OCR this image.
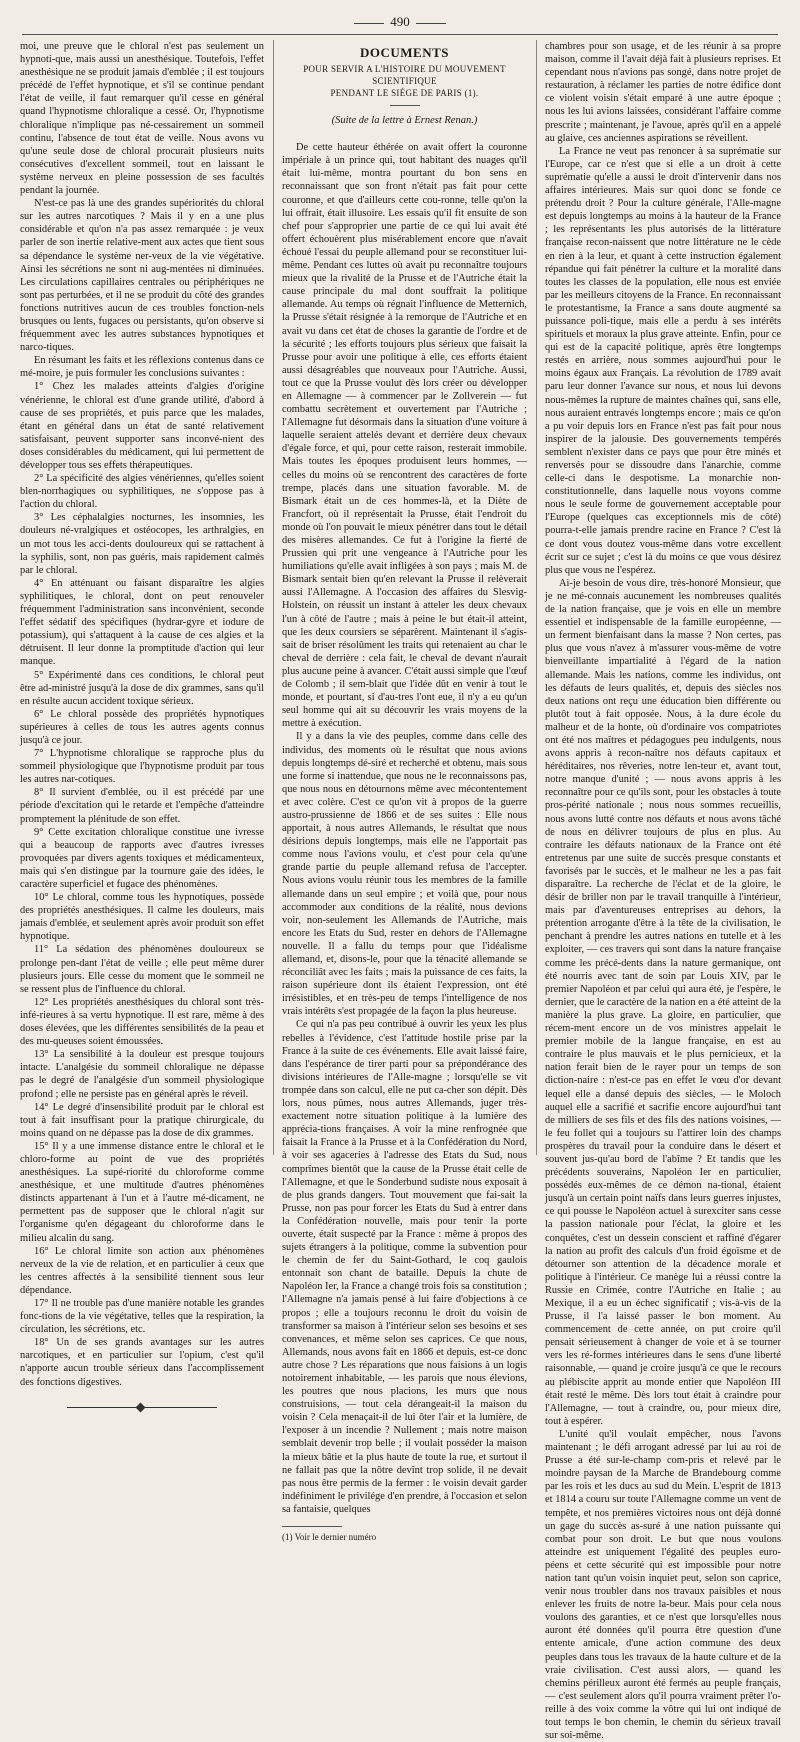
490

moi, une preuve que le chloral n'est pas seulement un hypnoti-que, mais aussi un anesthésique. Toutefois, l'effet anesthésique ne se produit jamais d'emblée ; il est toujours précédé de l'effet hypnotique, et s'il se continue pendant l'état de veille, il faut remarquer qu'il cesse en général quand l'hypnotisme chloralique a cessé. Or, l'hypnotisme chloralique n'implique pas né-cessairement un sommeil continu, l'absence de tout état de veille. Nous avons vu qu'une seule dose de chloral procurait plusieurs nuits consécutives d'excellent sommeil, tout en laissant le système nerveux en pleine possession de ses facultés pendant la journée.

N'est-ce pas là une des grandes supériorités du chloral sur les autres narcotiques ? Mais il y en a une plus considérable et qu'on n'a pas assez remarquée : je veux parler de son inertie relative-ment aux actes que tient sous sa dépendance le système ner-veux de la vie végétative. Ainsi les sécrétions ne sont ni aug-mentées ni diminuées. Les circulations capillaires centrales ou périphériques ne sont pas perturbées, et il ne se produit du côté des grandes fonctions nutritives aucun de ces troubles fonction-nels brusques ou lents, fugaces ou persistants, qu'on observe si fréquemment avec les autres substances hypnotiques et narco-tiques.

En résumant les faits et les réflexions contenus dans ce mé-moire, je puis formuler les conclusions suivantes :

1° Chez les malades atteints d'algies d'origine vénérienne, le chloral est d'une grande utilité, d'abord à cause de ses propriétés, et puis parce que les malades, étant en général dans un état de santé relativement satisfaisant, peuvent supporter sans inconvé-nient des doses considérables du médicament, qui lui permettent de développer tous ses effets thérapeutiques.

2° La spécificité des algies vénériennes, qu'elles soient blen-norrhagiques ou syphilitiques, ne s'oppose pas à l'action du chloral.

3° Les céphalalgies nocturnes, les insomnies, les douleurs né-vralgiques et ostéocopes, les arthralgies, en un mot tous les acci-dents douloureux qui se rattachent à la syphilis, sont, non pas guéris, mais rapidement calmés par le chloral.

4° En atténuant ou faisant disparaître les algies syphilitiques, le chloral, dont on peut renouveler fréquemment l'administration sans inconvénient, seconde l'effet sédatif des spécifiques (hydrar-gyre et iodure de potassium), qui s'attaquent à la cause de ces algies et la détruisent. Il leur donne la promptitude d'action qui leur manque.

5° Expérimenté dans ces conditions, le chloral peut être ad-ministré jusqu'à la dose de dix grammes, sans qu'il en résulte aucun accident toxique sérieux.

6° Le chloral possède des propriétés hypnotiques supérieures à celles de tous les autres agents connus jusqu'à ce jour.

7° L'hypnotisme chloralique se rapproche plus du sommeil physiologique que l'hypnotisme produit par tous les autres nar-cotiques.

8° Il survient d'emblée, ou il est précédé par une période d'excitation qui le retarde et l'empêche d'atteindre promptement la plénitude de son effet.

9° Cette excitation chloralique constitue une ivresse qui a beaucoup de rapports avec d'autres ivresses provoquées par divers agents toxiques et médicamenteux, mais qui s'en distingue par la tournure gaie des idées, le caractère superficiel et fugace des phénomènes.

10° Le chloral, comme tous les hypnotiques, possède des propriétés anesthésiques. Il calme les douleurs, mais jamais d'emblée, et seulement après avoir produit son effet hypnotique.

11° La sédation des phénomènes douloureux se prolonge pen-dant l'état de veille ; elle peut même durer plusieurs jours. Elle cesse du moment que le sommeil ne se ressent plus de l'influence du chloral.

12° Les propriétés anesthésiques du chloral sont très-infé-rieures à sa vertu hypnotique. Il est rare, même à des doses élevées, que les différentes sensibilités de la peau et des mu-queuses soient émoussées.

13° La sensibilité à la douleur est presque toujours intacte. L'analgésie du sommeil chloralique ne dépasse pas le degré de l'analgésie d'un sommeil physiologique profond ; elle ne persiste pas en général après le réveil.

14° Le degré d'insensibilité produit par le chloral est tout à fait insuffisant pour la pratique chirurgicale, du moins quand on ne dépasse pas la dose de dix grammes.

15° Il y a une immense distance entre le chloral et le chloro-forme au point de vue des propriétés anesthésiques. La supé-riorité du chloroforme comme anesthésique, et une multitude d'autres phénomènes distincts appartenant à l'un et à l'autre mé-dicament, ne permettent pas de supposer que le chloral n'agit sur l'organisme qu'en dégageant du chloroforme dans le milieu alcalin du sang.

16° Le chloral limite son action aux phénomènes nerveux de la vie de relation, et en particulier à ceux que les centres affectés à la sensibilité tiennent sous leur dépendance.

17° Il ne trouble pas d'une manière notable les grandes fonc-tions de la vie végétative, telles que la respiration, la circulation, les sécrétions, etc.

18° Un de ses grands avantages sur les autres narcotiques, et en particulier sur l'opium, c'est qu'il n'apporte aucun trouble sérieux dans l'accomplissement des fonctions digestives.

DOCUMENTS
POUR SERVIR A L'HISTOIRE DU MOUVEMENT SCIENTIFIQUE
PENDANT LE SIÉGE DE PARIS (1).
(Suite de la lettre à Ernest Renan.)

De cette hauteur éthérée on avait offert la couronne impériale à un prince qui, tout habitant des nuages qu'il était lui-même, montra pourtant du bon sens en reconnaissant que son front n'était pas fait pour cette couronne, et que d'ailleurs cette cou-ronne, telle qu'on la lui offrait, était illusoire. Les essais qu'il fit ensuite de son chef pour s'approprier une partie de ce qui lui avait été offert échouèrent plus misérablement encore que n'avait échoué l'essai du peuple allemand pour se reconstituer lui-même. Pendant ces luttes où avait pu reconnaître toujours mieux que la rivalité de la Prusse et de l'Autriche était la cause principale du mal dont souffrait la politique allemande. Au temps où régnait l'influence de Metternich, la Prusse s'était résignée à la remorque de l'Autriche et en avait vu dans cet état de choses la garantie de l'ordre et de la sécurité ; les efforts toujours plus sérieux que faisait la Prusse pour avoir une politique à elle, ces efforts étaient aussi désagréables que nouveaux pour l'Autriche. Aussi, tout ce que la Prusse voulut dès lors créer ou développer en Allemagne — à commencer par le Zollverein — fut combattu secrètement et ouvertement par l'Autriche ; l'Allemagne fut désormais dans la situation d'une voiture à laquelle seraient attelés devant et derrière deux chevaux d'égale force, et qui, pour cette raison, resterait immobile. Mais toutes les époques produisent leurs hommes, — celles du moins où se rencontrent des caractères de forte trempe, placés dans une situation favorable. M. de Bismark était un de ces hommes-là, et la Diète de Francfort, où il représentait la Prusse, était l'endroit du monde où l'on pouvait le mieux pénétrer dans tout le détail des misères allemandes. Ce fut à l'origine la fierté de Prussien qui prit une vengeance à l'Autriche pour les humiliations qu'elle avait infligées à son pays ; mais M. de Bismark sentait bien qu'en relevant la Prusse il relèverait aussi l'Allemagne. A l'occasion des affaires du Slesvig-Holstein, on réussit un instant à atteler les deux chevaux l'un à côté de l'autre ; mais à peine le but était-il atteint, que les deux coursiers se séparèrent. Maintenant il s'agis-sait de briser résolûment les traits qui retenaient au char le cheval de derrière : cela fait, le cheval de devant n'aurait plus aucune peine à avancer. C'était aussi simple que l'œuf de Colomb ; il sem-blait que l'idée dût en venir à tout le monde, et pourtant, si d'au-tres l'ont eue, il n'y a eu qu'un seul homme qui ait su découvrir les vrais moyens de la mettre à exécution.

Il y a dans la vie des peuples, comme dans celle des individus, des moments où le résultat que nous avions depuis longtemps dé-siré et recherché et obtenu, mais sous une forme si inattendue, que nous ne le reconnaissons pas, que nous nous en détournons même avec mécontentement et avec colère. C'est ce qu'on vit à propos de la guerre austro-prussienne de 1866 et de ses suites : Elle nous apportait, à nous autres Allemands, le résultat que nous désirions depuis longtemps, mais elle ne l'apportait pas comme nous l'avions voulu, et c'est pour cela qu'une grande partie du peuple allemand refusa de l'accepter. Nous avions voulu réunir tous les membres de la famille allemande dans un seul empire ; et voilà que, pour nous accommoder aux conditions de la réalité, nous devions voir, non-seulement les Allemands de l'Autriche, mais encore les Etats du Sud, rester en dehors de l'Allemagne nouvelle. Il a fallu du temps pour que l'idéalisme allemand, et, disons-le, pour que la ténacité allemande se réconciliât avec les faits ; mais la puissance de ces faits, la raison supérieure dont ils étaient l'expression, ont été irrésistibles, et en très-peu de temps l'intelligence de nos vrais intérêts s'est propagée de la façon la plus heureuse.

Ce qui n'a pas peu contribué à ouvrir les yeux les plus rebelles à l'évidence, c'est l'attitude hostile prise par la France à la suite de ces événements. Elle avait laissé faire, dans l'espérance de tirer parti pour sa prépondérance des divisions intérieures de l'Alle-magne ; lorsqu'elle se vit trompée dans son calcul, elle ne put ca-cher son dépit. Dès lors, nous pûmes, nous autres Allemands, juger très-exactement notre situation politique à la lumière des apprécia-tions françaises. A voir la mine renfrognée que faisait la France à la Prusse et à la Confédération du Nord, à voir ses agaceries à l'adresse des Etats du Sud, nous comprîmes bientôt que la cause de la Prusse était celle de l'Allemagne, et que le Sonderbund sudiste nous exposait à de plus grands dangers. Tout mouvement que fai-sait la Prusse, non pas pour forcer les Etats du Sud à entrer dans la Confédération nouvelle, mais pour tenir la porte ouverte, était suspecté par la France : même à propos des sujets étrangers à la politique, comme la subvention pour le chemin de fer du Saint-Gothard, le coq gaulois entonnait son chant de bataille. Depuis la chute de Napoléon Ier, la France a changé trois fois sa constitution ; l'Allemagne n'a jamais pensé à lui faire d'objections à ce propos ; elle a toujours reconnu le droit du voisin de transformer sa maison à l'intérieur selon ses besoins et ses convenances, et même selon ses caprices. Ce que nous, Allemands, nous avons fait en 1866 et depuis, est-ce donc autre chose ? Les réparations que nous faisions à un logis notoirement inhabitable, — les parois que nous élevions, les poutres que nous placions, les murs que nous construisions, — tout cela dérangeait-il la maison du voisin ? Cela menaçait-il de lui ôter l'air et la lumière, de l'exposer à un incendie ? Nullement ; mais notre maison semblait devenir trop belle ; il voulait posséder la maison la mieux bâtie et la plus haute de toute la rue, et surtout il ne fallait pas que la nôtre devînt trop solide, il ne devait pas nous être permis de la fermer : le voisin devait garder indéfiniment le privilége d'en prendre, à l'occasion et selon sa fantaisie, quelques

(1) Voir le dernier numéro

chambres pour son usage, et de les réunir à sa propre maison, comme il l'avait déjà fait à plusieurs reprises. Et cependant nous n'avions pas songé, dans notre projet de restauration, à réclamer les parties de notre édifice dont ce violent voisin s'était emparé à une autre époque ; nous les lui avions laissées, considérant l'affaire comme prescrite ; maintenant, je l'avoue, après qu'il en a appelé au glaive, ces anciennes aspirations se réveillent.

La France ne veut pas renoncer à sa suprématie sur l'Europe, car ce n'est que si elle a un droit à cette suprématie qu'elle a aussi le droit d'intervenir dans nos affaires intérieures. Mais sur quoi donc se fonde ce prétendu droit ? Pour la culture générale, l'Alle-magne est depuis longtemps au moins à la hauteur de la France ; les représentants les plus autorisés de la littérature française recon-naissent que notre littérature ne le cède en rien à la leur, et quant à cette instruction également répandue qui fait pénétrer la culture et la moralité dans toutes les classes de la population, elle nous est enviée par les meilleurs citoyens de la France. En reconnaissant le protestantisme, la France a sans doute augmenté sa puissance poli-tique, mais elle a perdu à ses intérêts spirituels et moraux la plus grave atteinte. Enfin, pour ce qui est de la capacité politique, après être longtemps restés en arrière, nous sommes aujourd'hui pour le moins égaux aux Français. La révolution de 1789 avait paru leur donner l'avance sur nous, et nous lui devons nous-mêmes la rupture de maintes chaînes qui, sans elle, nous auraient entravés longtemps encore ; mais ce qu'on a pu voir depuis lors en France n'est pas fait pour nous inspirer de la jalousie. Des gouvernements tempérés semblent n'exister dans ce pays que pour être minés et renversés pour se dissoudre dans l'anarchie, comme celle-ci dans le despotisme. La monarchie non-constitutionnelle, dans laquelle nous voyons comme nous le seule forme de gouvernement acceptable pour l'Europe (quelques cas exceptionnels mis de côté) pourra-t-elle jamais prendre racine en France ? C'est là ce dont vous doutez vous-même dans votre excellent écrit sur ce sujet ; c'est là du moins ce que vous désirez plus que vous ne l'espérez.

Ai-je besoin de vous dire, très-honoré Monsieur, que je ne mé-connais aucunement les nombreuses qualités de la nation française, que je vois en elle un membre essentiel et indispensable de la famille européenne, — un ferment bienfaisant dans la masse ? Non certes, pas plus que vous n'avez à m'assurer vous-même de votre bienveillante impartialité à l'égard de la nation allemande. Mais les nations, comme les individus, ont les défauts de leurs qualités, et, depuis des siècles nos deux nations ont reçu une éducation bien différente ou plutôt tout à fait opposée. Nous, à la dure école du malheur et de la honte, où d'ordinaire vos compatriotes ont été nos maîtres et pédagogues peu indulgents, nous avons appris à recon-naître nos défauts capitaux et héréditaires, nos rêveries, notre len-teur et, avant tout, notre manque d'unité ; — nous avons appris à les reconnaître pour ce qu'ils sont, pour les obstacles à toute pros-périté nationale ; nous nous sommes recueillis, nous avons lutté contre nos défauts et nous avons tâché de nous en délivrer toujours de plus en plus. Au contraire les défauts nationaux de la France ont été entretenus par une suite de succès presque constants et favorisés par le succès, et le malheur ne les a pas fait disparaître. La recherche de l'éclat et de la gloire, le désir de briller non par le travail tranquille à l'intérieur, mais par d'aventureuses entreprises au dehors, la prétention arrogante d'être à la tête de la civilisation, le penchant à prendre les autres nations en tutelle et à les exploiter, — ces travers qui sont dans la nature française comme les précé-dents dans la nature germanique, ont été nourris avec tant de soin par Louis XIV, par le premier Napoléon et par celui qui aura été, je l'espère, le dernier, que le caractère de la nation en a été atteint de la manière la plus grave. La gloire, en particulier, que récem-ment encore un de vos ministres appelait le premier mobile de la langue française, en est au contraire le plus mauvais et le plus pernicieux, et la nation ferait bien de le rayer pour un temps de son diction-naire : n'est-ce pas en effet le vœu d'or devant lequel elle a dansé depuis des siècles, — le Moloch auquel elle a sacrifié et sacrifie encore aujourd'hui tant de milliers de ses fils et des fils des nations voisines, — le feu follet qui a toujours su l'attirer loin des champs prospères du travail pour la conduire dans le désert et souvent jus-qu'au bord de l'abîme ? Et tandis que les précédents souverains, Napoléon Ier en particulier, possédés eux-mêmes de ce démon na-tional, étaient jusqu'à un certain point naïfs dans leurs guerres injustes, ce qui pousse le Napoléon actuel à surexciter sans cesse la passion nationale pour l'éclat, la gloire et les conquêtes, c'est un dessein conscient et raffiné d'égarer la nation au profit des calculs d'un froid égoïsme et de détourner son attention de la décadence morale et politique à l'intérieur. Ce manège lui a réussi contre la Russie en Crimée, contre l'Autriche en Italie ; au Mexique, il a eu un échec significatif ; vis-à-vis de la Prusse, il l'a laissé passer le bon moment. Au commencement de cette année, on put croire qu'il pensait sérieusement à changer de voie et à se tourner vers les ré-formes intérieures dans le sens d'une liberté raisonnable, — quand je croire jusqu'à ce que le recours au plébiscite apprit au monde entier que Napoléon III était resté le même. Dès lors tout était à craindre pour l'Allemagne, — tout à craindre, ou, pour mieux dire, tout à espérer.

L'unité qu'il voulait empêcher, nous l'avons maintenant ; le défi arrogant adressé par lui au roi de Prusse a été sur-le-champ com-pris et relevé par le moindre paysan de la Marche de Brandebourg comme par les rois et les ducs au sud du Mein. L'esprit de 1813 et 1814 a couru sur toute l'Allemagne comme un vent de tempête, et nos premières victoires nous ont déjà donné un gage du succès as-suré à une nation puissante qui combat pour son droit. Le but que nous voulons atteindre est uniquement l'égalité des peuples euro-péens et cette sécurité qui est impossible pour notre nation tant qu'un voisin inquiet peut, selon son caprice, venir nous troubler dans nos travaux paisibles et nous enlever les fruits de notre la-beur. Mais pour cela nous voulons des garanties, et ce n'est que lorsqu'elles nous auront été données qu'il pourra être question d'une entente amicale, d'une action commune des deux peuples dans tous les travaux de la haute culture et de la vraie civilisation. C'est aussi alors, — quand les chemins périlleux auront été fermés au peuple français, — c'est seulement alors qu'il pourra vraiment prêter l'o-reille à des voix comme la vôtre qui lui ont indiqué de tout temps le bon chemin, le chemin du sérieux travail sur soi-même.
